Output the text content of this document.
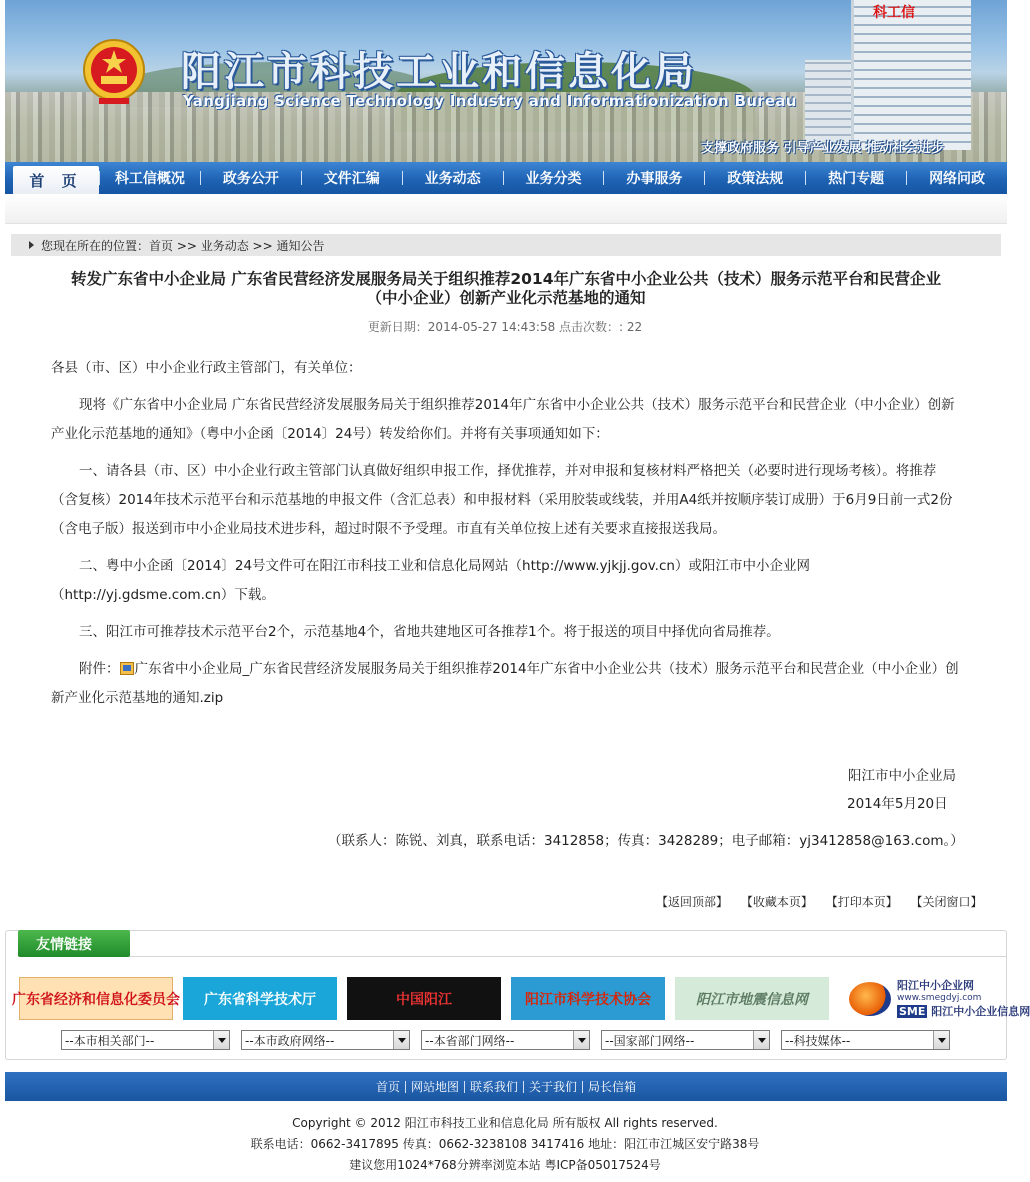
科工信
阳江市科技工业和信息化局
Yangjiang Science Technology Industry and Informationization Bureau
支撑政府服务 引导产业发展 推动社会进步
首 页	科工信概况	政务公开	文件汇编	业务动态	业务分类	办事服务	政策法规	热门专题	网络问政
您现在所在的位置：首页 >> 业务动态 >> 通知公告
转发广东省中小企业局 广东省民营经济发展服务局关于组织推荐2014年广东省中小企业公共（技术）服务示范平台和民营企业
（中小企业）创新产业化示范基地的通知
更新日期：2014-05-27 14:43:58 点击次数：: 22

各县（市、区）中小企业行政主管部门，有关单位：

现将《广东省中小企业局 广东省民营经济发展服务局关于组织推荐2014年广东省中小企业公共（技术）服务示范平台和民营企业（中小企业）创新产业化示范基地的通知》（粤中小企函〔2014〕24号）转发给你们。并将有关事项通知如下：

一、请各县（市、区）中小企业行政主管部门认真做好组织申报工作，择优推荐，并对申报和复核材料严格把关（必要时进行现场考核）。将推荐（含复核）2014年技术示范平台和示范基地的申报文件（含汇总表）和申报材料（采用胶装或线装，并用A4纸并按顺序装订成册）于6月9日前一式2份（含电子版）报送到市中小企业局技术进步科，超过时限不予受理。市直有关单位按上述有关要求直接报送我局。

二、粤中小企函〔2014〕24号文件可在阳江市科技工业和信息化局网站（http://www.yjkjj.gov.cn）或阳江市中小企业网（http://yj.gdsme.com.cn）下载。

三、阳江市可推荐技术示范平台2个，示范基地4个，省地共建地区可各推荐1个。将于报送的项目中择优向省局推荐。

附件： 广东省中小企业局_广东省民营经济发展服务局关于组织推荐2014年广东省中小企业公共（技术）服务示范平台和民营企业（中小企业）创新产业化示范基地的通知.zip

阳江市中小企业局
2014年5月20日
（联系人：陈锐、刘真，联系电话：3412858；传真：3428289；电子邮箱：yj3412858@163.com。）
【返回顶部】 【收藏本页】 【打印本页】 【关闭窗口】
友情链接
广东省经济和信息化委员会	广东省科学技术厅	中国阳江	阳江市科学技术协会	阳江市地震信息网
阳江中小企业网
www.smegdyj.com
SME 阳江中小企业信息网
--本市相关部门--	--本市政府网络--	--本省部门网络--	--国家部门网络--	--科技媒体--
首页 网站地图 联系我们 关于我们 局长信箱
Copyright © 2012 阳江市科技工业和信息化局 所有版权 All rights reserved.
联系电话：0662-3417895 传真：0662-3238108 3417416 地址：阳江市江城区安宁路38号
建议您用1024*768分辨率浏览本站 粤ICP备05017524号
